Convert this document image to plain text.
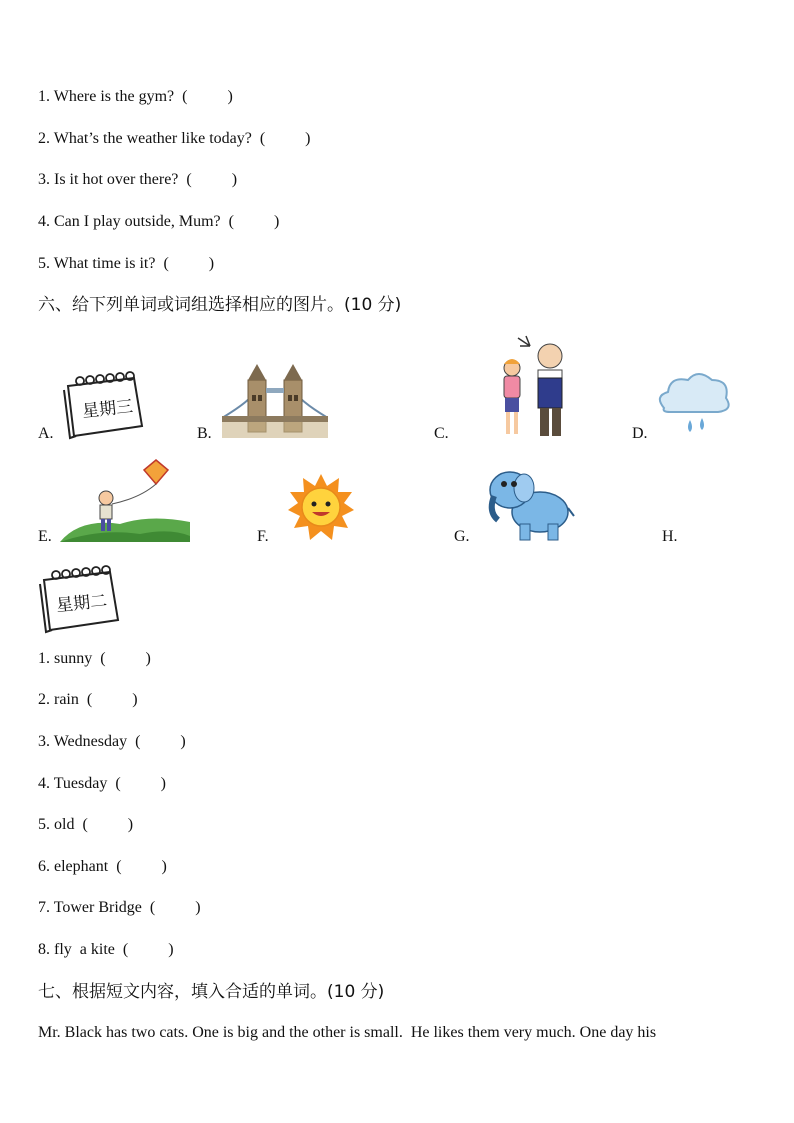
1. Where is the gym?  (          )
2. What’s the weather like today?  (          )
3. Is it hot over there?  (          )
4. Can I play outside, Mum?  (          )
5. What time is it?  (          )
六、给下列单词或词组选择相应的图片。(10 分)
A.	B.	C.	D.
星期三
E.	F.	G.	H.
星期二
1. sunny  (          )
2. rain  (          )
3. Wednesday  (          )
4. Tuesday  (          )
5. old  (          )
6. elephant  (          )
7. Tower Bridge  (          )
8. fly  a kite  (          )
七、根据短文内容，填入合适的单词。(10 分)
Mr. Black has two cats. One is big and the other is small.  He likes them very much. One day his
